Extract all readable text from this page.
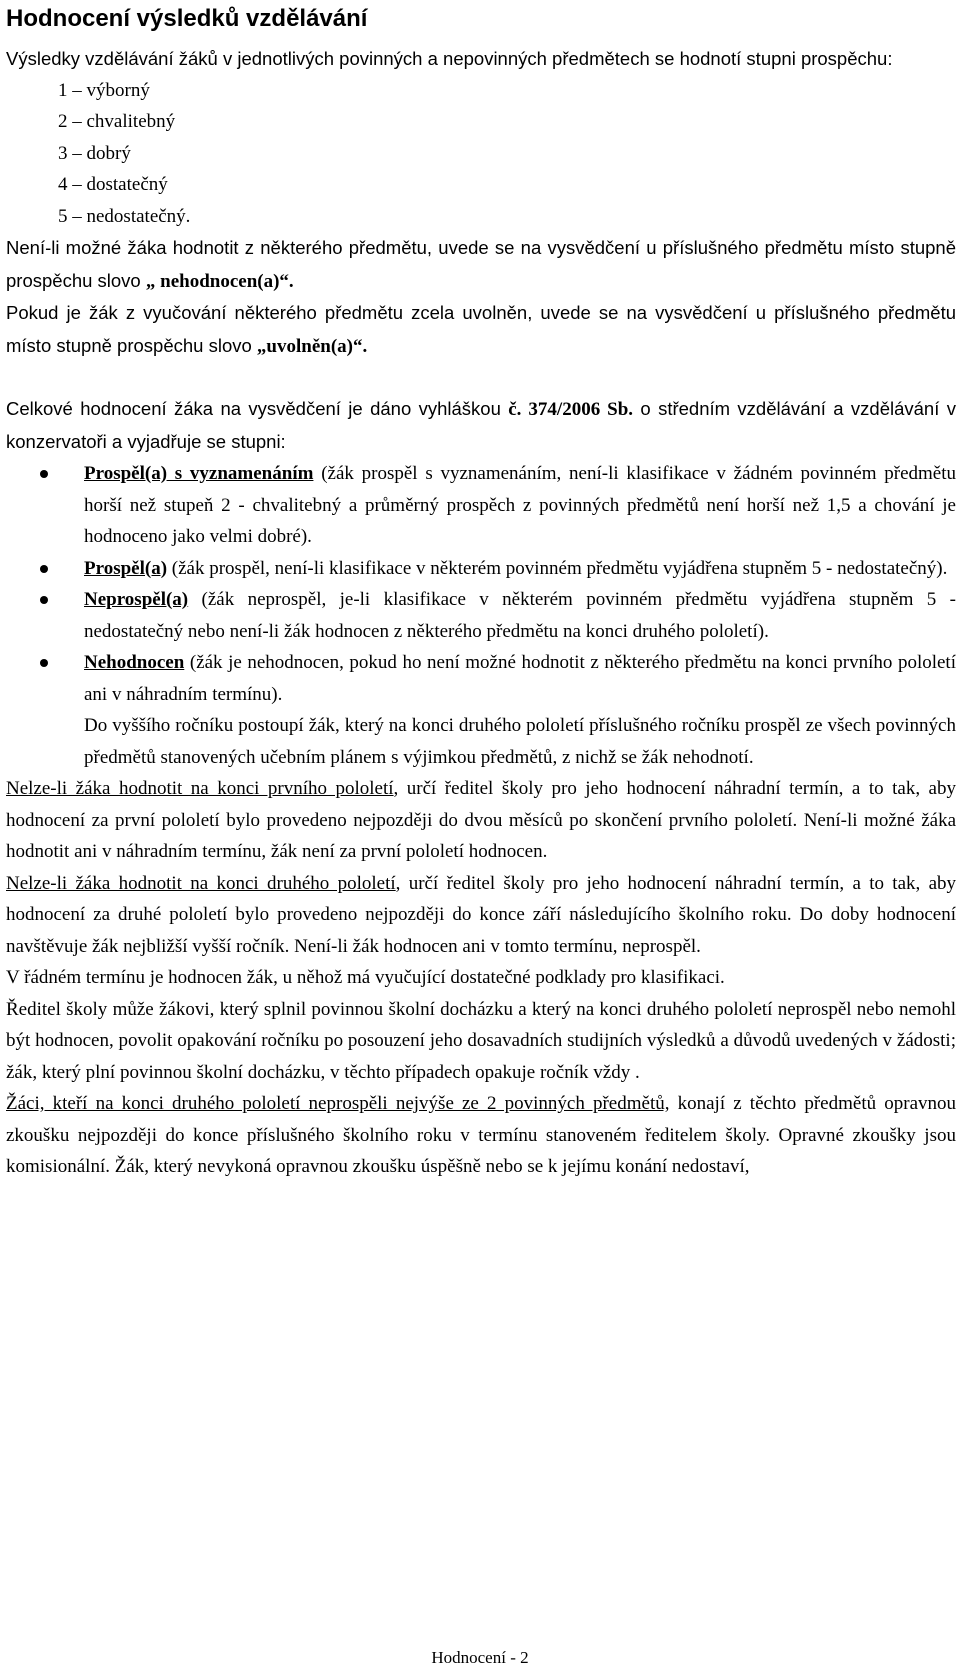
Hodnocení výsledků vzdělávání

Výsledky vzdělávání žáků v jednotlivých povinných a nepovinných předmětech se hodnotí stupni prospěchu:

1 – výborný
2 – chvalitebný
3 – dobrý
4 – dostatečný
5 – nedostatečný.

Není-li možné žáka hodnotit z některého předmětu, uvede se na vysvědčení u příslušného předmětu místo stupně prospěchu slovo „ nehodnocen(a)“.

Pokud je žák z vyučování některého předmětu zcela uvolněn, uvede se na vysvědčení u příslušného předmětu místo stupně prospěchu slovo „uvolněn(a)“.

Celkové hodnocení žáka na vysvědčení je dáno vyhláškou č. 374/2006 Sb. o středním vzdělávání a vzdělávání v konzervatoři a vyjadřuje se stupni:

Prospěl(a) s vyznamenáním (žák prospěl s vyznamenáním, není-li klasifikace v žádném povinném předmětu horší než stupeň 2 - chvalitebný a průměrný prospěch z povinných předmětů není horší než 1,5 a chování je hodnoceno jako velmi dobré).
Prospěl(a) (žák prospěl, není-li klasifikace v některém povinném předmětu vyjádřena stupněm 5 - nedostatečný).
Neprospěl(a) (žák neprospěl, je-li klasifikace v některém povinném předmětu vyjádřena stupněm 5 - nedostatečný nebo není-li žák hodnocen z některého předmětu na konci druhého pololetí).
Nehodnocen (žák je nehodnocen, pokud ho není možné hodnotit z některého předmětu na konci prvního pololetí ani v náhradním termínu).

Do vyššího ročníku postoupí žák, který na konci druhého pololetí příslušného ročníku prospěl ze všech povinných předmětů stanovených učebním plánem s výjimkou předmětů, z nichž se žák nehodnotí.

Nelze-li žáka hodnotit na konci prvního pololetí, určí ředitel školy pro jeho hodnocení náhradní termín, a to tak, aby hodnocení za první pololetí bylo provedeno nejpozději do dvou měsíců po skončení prvního pololetí. Není-li možné žáka hodnotit ani v náhradním termínu, žák není za první pololetí hodnocen.

Nelze-li žáka hodnotit na konci druhého pololetí, určí ředitel školy pro jeho hodnocení náhradní termín, a to tak, aby hodnocení za druhé pololetí bylo provedeno nejpozději do konce září následujícího školního roku. Do doby hodnocení navštěvuje žák nejbližší vyšší ročník. Není-li žák hodnocen ani v tomto termínu, neprospěl.

V řádném termínu je hodnocen žák, u něhož má vyučující dostatečné podklady pro klasifikaci.

Ředitel školy může žákovi, který splnil povinnou školní docházku a který na konci druhého pololetí neprospěl nebo nemohl být hodnocen, povolit opakování ročníku po posouzení jeho dosavadních studijních výsledků a důvodů uvedených v žádosti; žák, který plní povinnou školní docházku, v těchto případech opakuje ročník vždy .

Žáci, kteří na konci druhého pololetí neprospěli nejvýše ze 2 povinných předmětů, konají z těchto předmětů opravnou zkoušku nejpozději do konce příslušného školního roku v termínu stanoveném ředitelem školy. Opravné zkoušky jsou komisionální. Žák, který nevykoná opravnou zkoušku úspěšně nebo se k jejímu konání nedostaví,

Hodnocení - 2
